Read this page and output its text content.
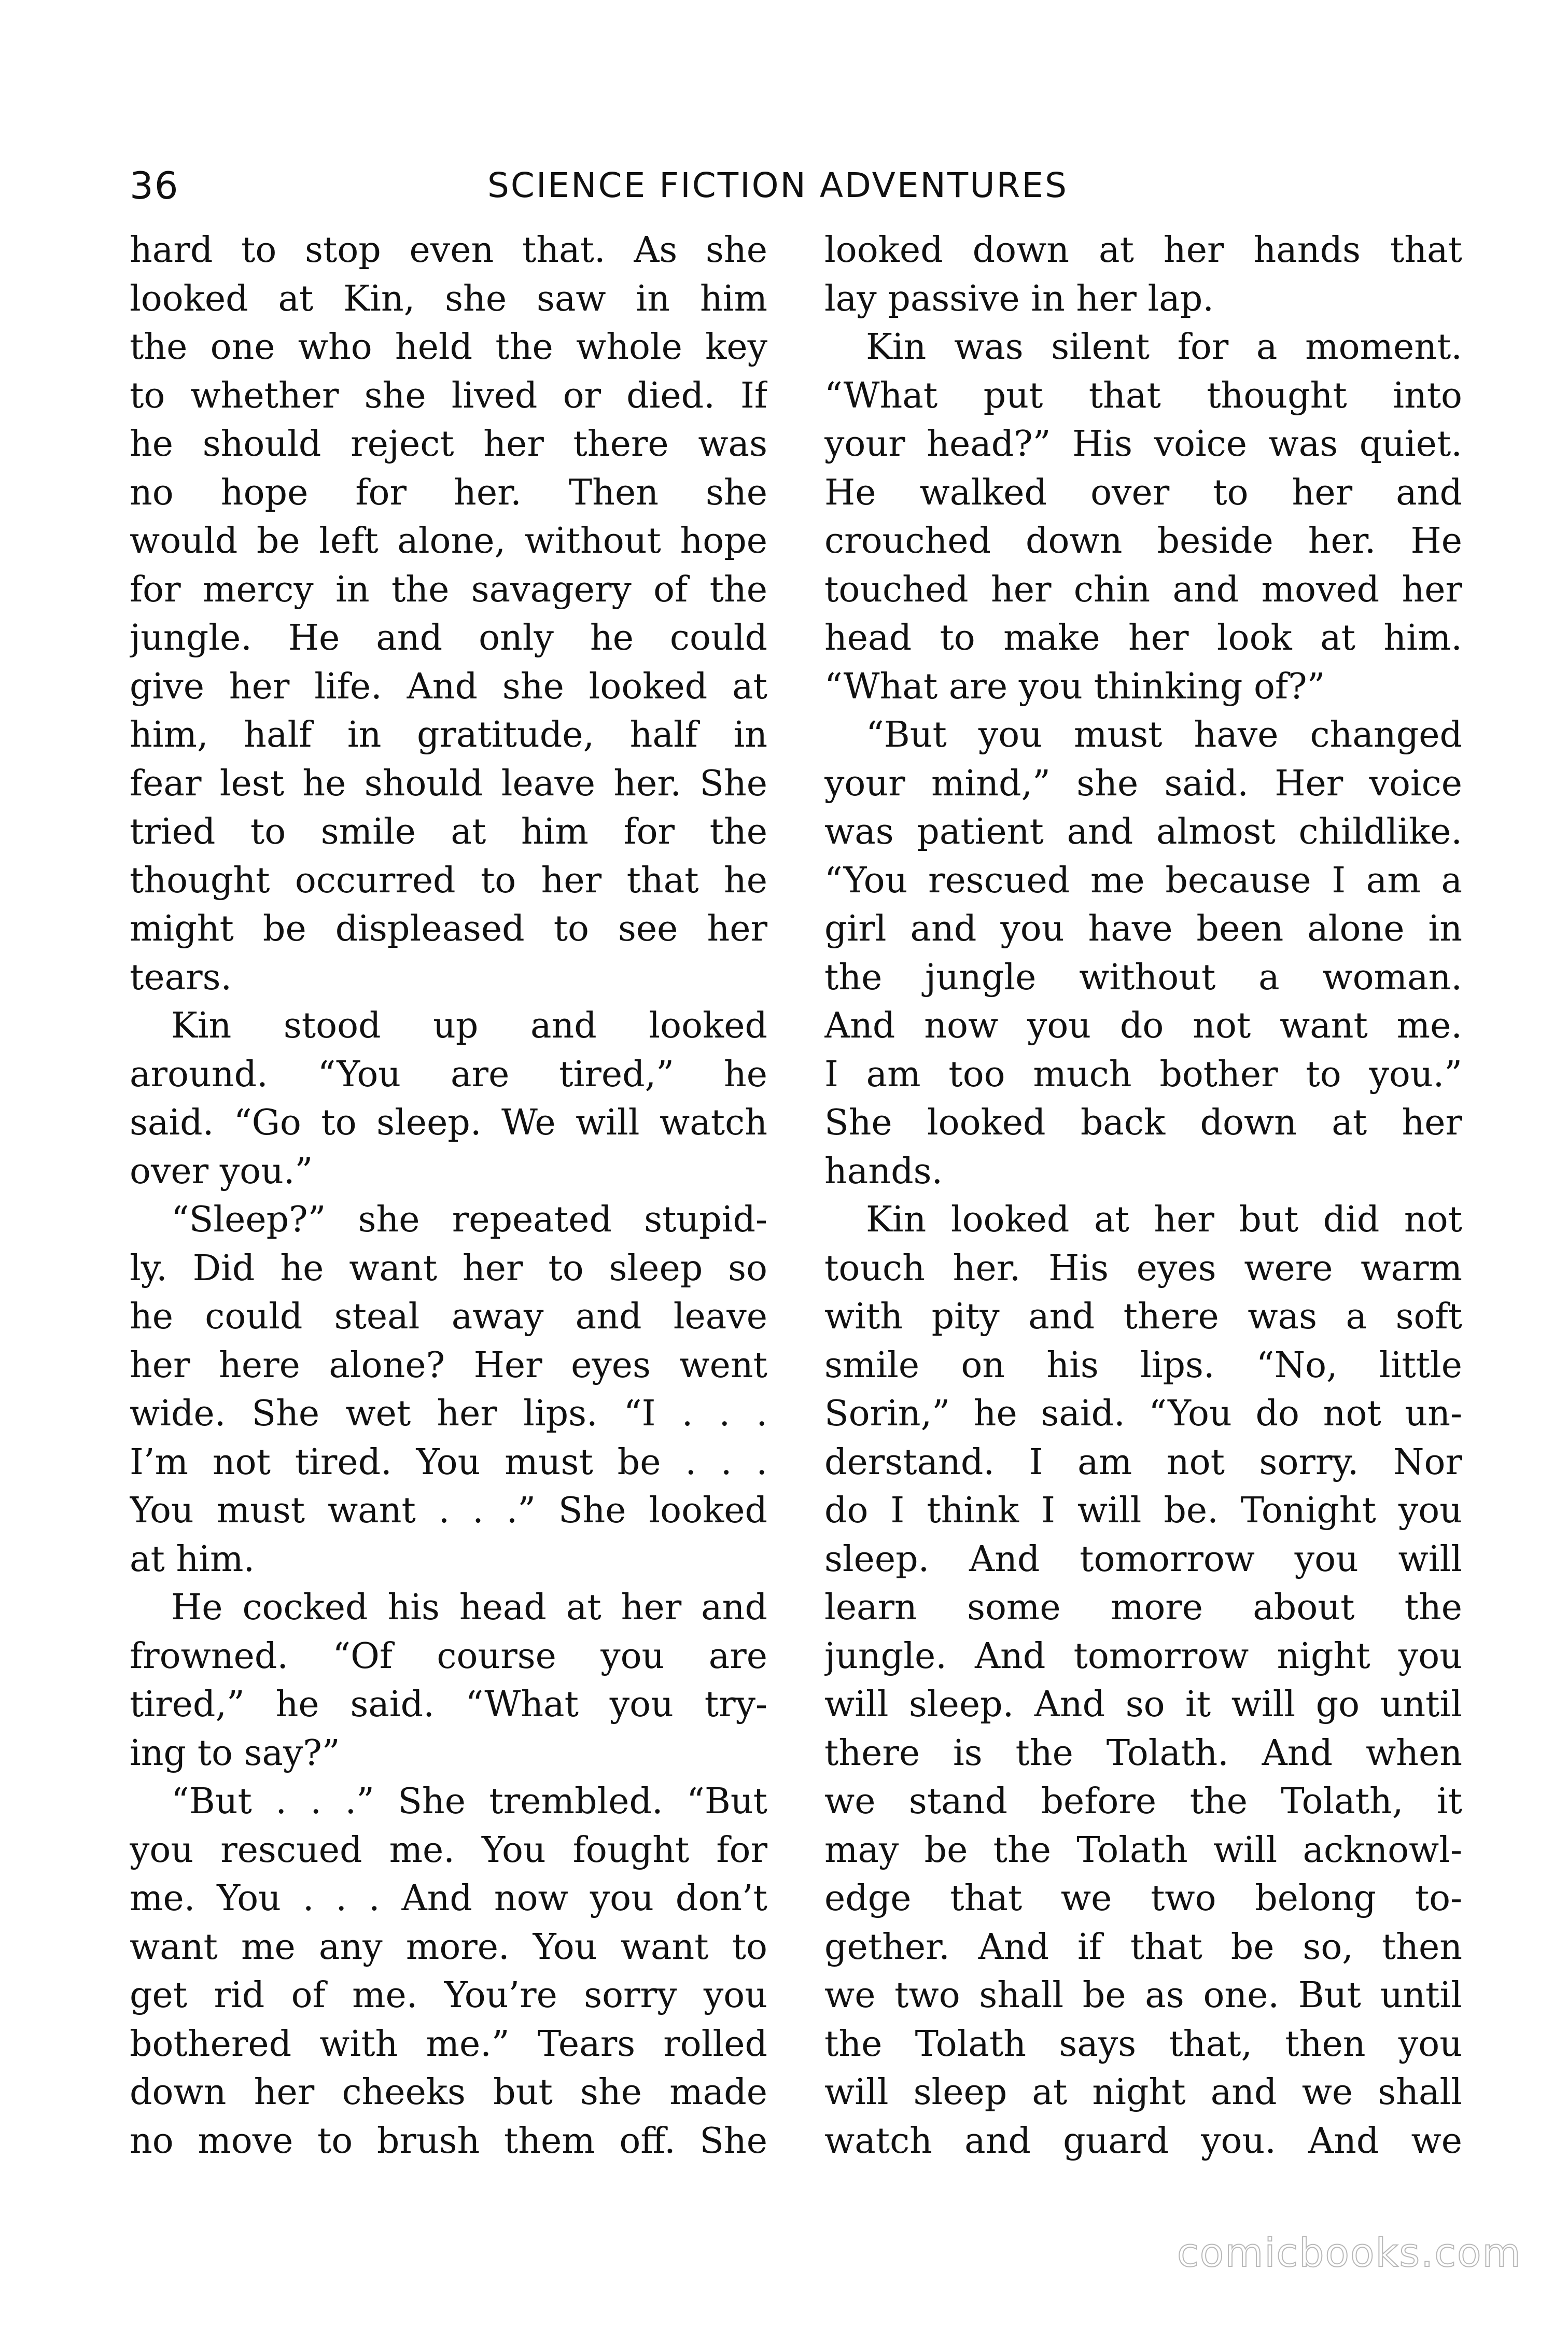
36	SCIENCE FICTION ADVENTURES
hard to stop even that. As she
looked at Kin, she saw in him
the one who held the whole key
to whether she lived or died. If
he should reject her there was
no hope for her. Then she
would be left alone, without hope
for mercy in the savagery of the
jungle. He and only he could
give her life. And she looked at
him, half in gratitude, half in
fear lest he should leave her. She
tried to smile at him for the
thought occurred to her that he
might be displeased to see her
tears.
Kin stood up and looked
around. “You are tired,” he
said. “Go to sleep. We will watch
over you.”
“Sleep?” she repeated stupid-
ly. Did he want her to sleep so
he could steal away and leave
her here alone? Her eyes went
wide. She wet her lips. “I . . .
I’m not tired. You must be . . .
You must want . . .” She looked
at him.
He cocked his head at her and
frowned. “Of course you are
tired,” he said. “What you try-
ing to say?”
“But . . .” She trembled. “But
you rescued me. You fought for
me. You . . . And now you don’t
want me any more. You want to
get rid of me. You’re sorry you
bothered with me.” Tears rolled
down her cheeks but she made
no move to brush them off. She
looked down at her hands that
lay passive in her lap.
Kin was silent for a moment.
“What put that thought into
your head?” His voice was quiet.
He walked over to her and
crouched down beside her. He
touched her chin and moved her
head to make her look at him.
“What are you thinking of?”
“But you must have changed
your mind,” she said. Her voice
was patient and almost childlike.
“You rescued me because I am a
girl and you have been alone in
the jungle without a woman.
And now you do not want me.
I am too much bother to you.”
She looked back down at her
hands.
Kin looked at her but did not
touch her. His eyes were warm
with pity and there was a soft
smile on his lips. “No, little
Sorin,” he said. “You do not un-
derstand. I am not sorry. Nor
do I think I will be. Tonight you
sleep. And tomorrow you will
learn some more about the
jungle. And tomorrow night you
will sleep. And so it will go until
there is the Tolath. And when
we stand before the Tolath, it
may be the Tolath will acknowl-
edge that we two belong to-
gether. And if that be so, then
we two shall be as one. But until
the Tolath says that, then you
will sleep at night and we shall
watch and guard you. And we
comicbooks.com
